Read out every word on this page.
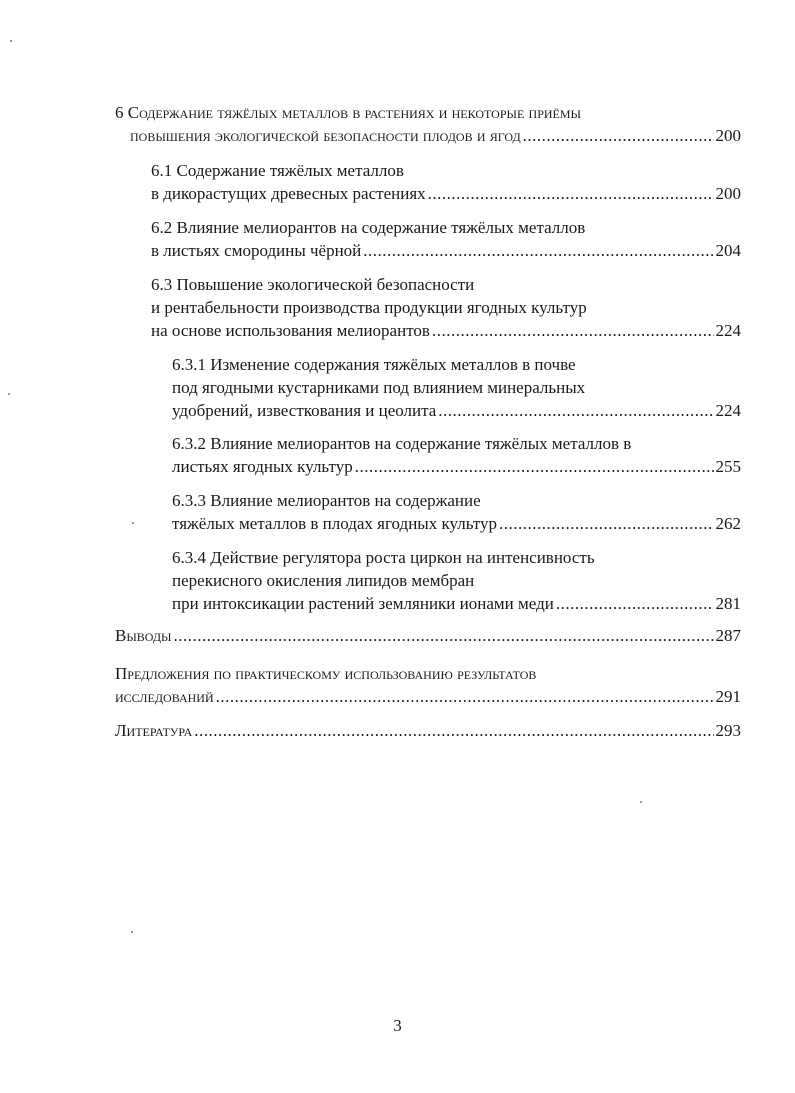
6 Содержание тяжёлых металлов в растениях и некоторые приёмы
повышения экологической безопасности плодов и ягод .....	200
6.1 Содержание тяжёлых металлов
в дикорастущих древесных растениях .....	200
6.2 Влияние мелиорантов на содержание тяжёлых металлов
в листьях смородины чёрной .....	204
6.3 Повышение экологической безопасности
и рентабельности производства продукции ягодных культур
на основе использования мелиорантов .....	224
6.3.1 Изменение содержания тяжёлых металлов в почве
под ягодными кустарниками под влиянием минеральных
удобрений, известкования и цеолита .....	224
6.3.2 Влияние мелиорантов на содержание тяжёлых металлов в
листьях ягодных культур .....	255
6.3.3 Влияние мелиорантов на содержание
тяжёлых металлов в плодах ягодных культур .....	262
6.3.4 Действие регулятора роста циркон на интенсивность
перекисного окисления липидов мембран
при интоксикации растений земляники ионами меди .....	281
Выводы .....	287
Предложения по практическому использованию результатов
исследований .....	291
Литература .....	293
3
